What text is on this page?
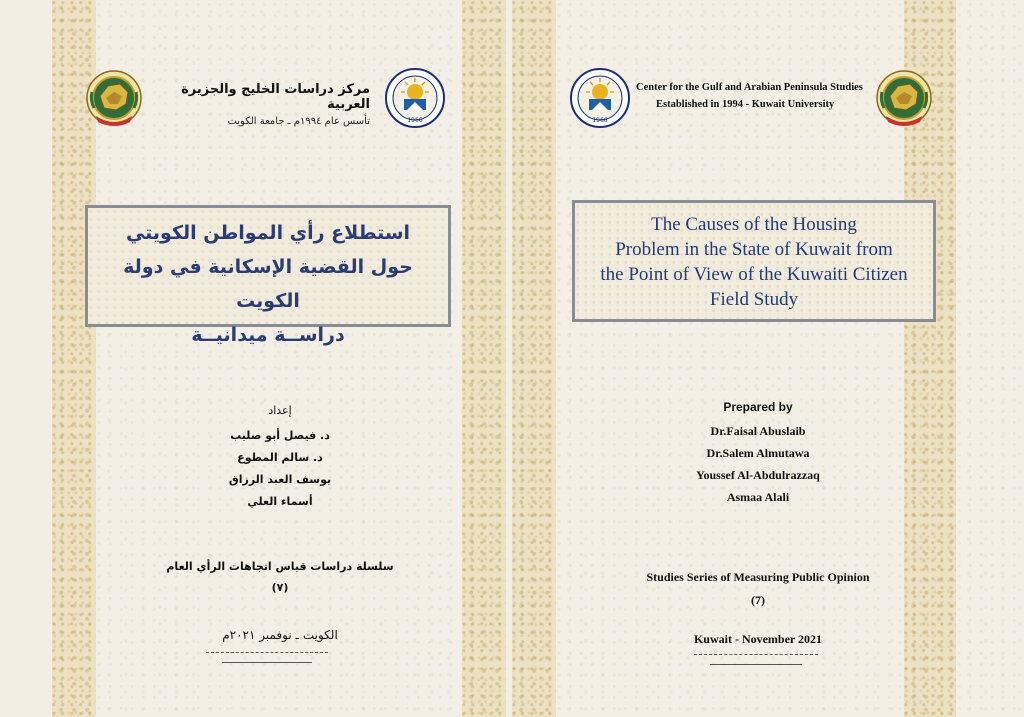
مركز دراسات الخليج والجزيرة العربية
تأسس عام ١٩٩٤م ـ جامعة الكويت	1966
استطلاع رأي المواطن الكويتي
حول القضية الإسكانية في دولة الكويت
دراســة ميدانيــة
إعداد
د. فيصل أبو صليب
د. سالم المطوع
يوسف العبد الرزاق
أسماء العلي
سلسلة دراسات قياس اتجاهات الرأي العام
(٧)
الكويت ـ نوفمبر ٢٠٢١م
1966
Center for the Gulf and Arabian Peninsula Studies
Established in 1994 - Kuwait University
The Causes of the Housing
Problem in the State of Kuwait from
the Point of View of the Kuwaiti Citizen
Field Study
Prepared by
Dr.Faisal Abuslaib
Dr.Salem Almutawa
Youssef Al-Abdulrazzaq
Asmaa Alali
Studies Series of Measuring Public Opinion
(7)
Kuwait - November 2021
